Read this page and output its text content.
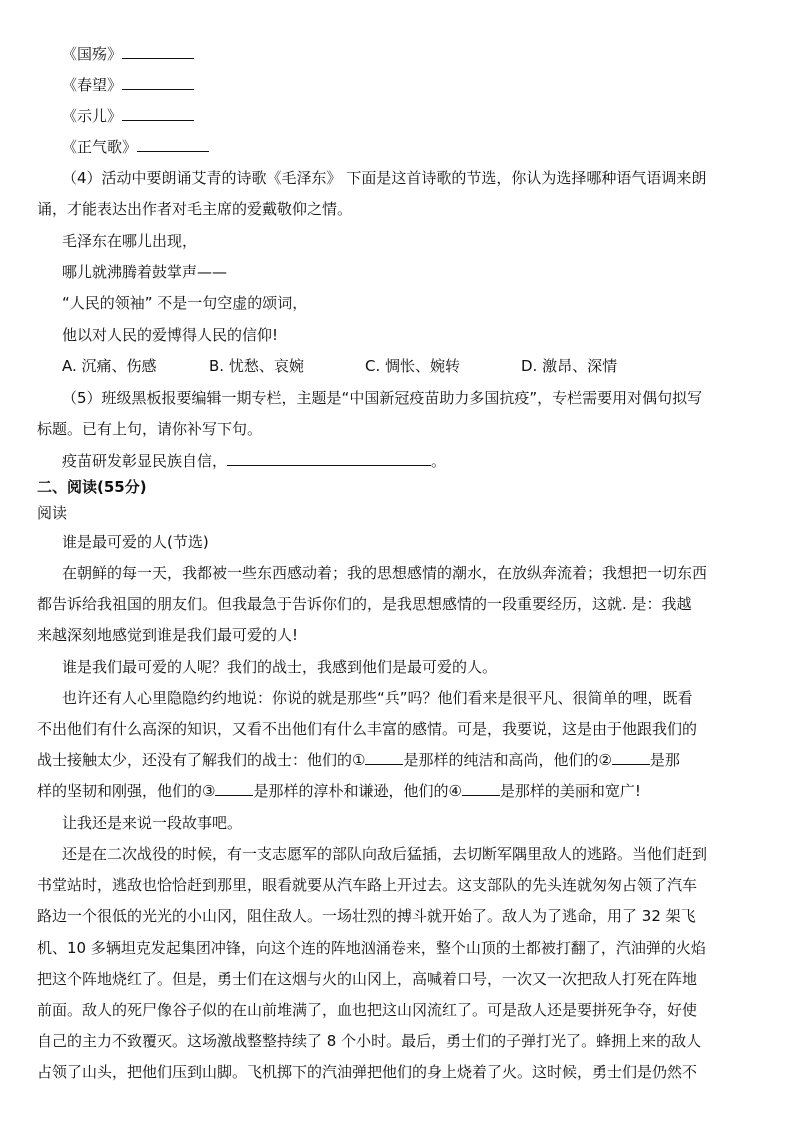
《国殇》
《春望》
《示儿》
《正气歌》
（4）活动中要朗诵艾青的诗歌《毛泽东》 下面是这首诗歌的节选，你认为选择哪种语气语调来朗
诵，才能表达出作者对毛主席的爱戴敬仰之情。
毛泽东在哪儿出现，
哪儿就沸腾着鼓掌声——
“人民的领袖” 不是一句空虚的颂词，
他以对人民的爱博得人民的信仰!
A. 沉痛、伤感	B. 忧愁、哀婉	C. 惆怅、婉转	D. 激昂、深情
（5）班级黑板报要编辑一期专栏，主题是“中国新冠疫苗助力多国抗疫”，专栏需要用对偶句拟写
标题。已有上句，请你补写下句。
疫苗研发彰显民族自信，	。
二、阅读(55分)
阅读
谁是最可爱的人(节选)
在朝鲜的每一天，我都被一些东西感动着；我的思想感情的潮水，在放纵奔流着；我想把一切东西
都告诉给我祖国的朋友们。但我最急于告诉你们的，是我思想感情的一段重要经历，这就. 是：我越
来越深刻地感觉到谁是我们最可爱的人!
谁是我们最可爱的人呢？我们的战士，我感到他们是最可爱的人。
也许还有人心里隐隐约约地说：你说的就是那些“兵”吗？他们看来是很平凡、很简单的哩，既看
不出他们有什么高深的知识，又看不出他们有什么丰富的感情。可是，我要说，这是由于他跟我们的
战士接触太少，还没有了解我们的战士：他们的①	是那样的纯洁和高尚，他们的②	是那
样的坚韧和刚强，他们的③	是那样的淳朴和谦逊，他们的④	是那样的美丽和宽广!
让我还是来说一段故事吧。
还是在二次战役的时候，有一支志愿军的部队向敌后猛插，去切断军隅里敌人的逃路。当他们赶到
书堂站时，逃敌也恰恰赶到那里，眼看就要从汽车路上开过去。这支部队的先头连就匆匆占领了汽车
路边一个很低的光光的小山冈，阻住敌人。一场壮烈的搏斗就开始了。敌人为了逃命，用了 32 架飞
机、10 多辆坦克发起集团冲锋，向这个连的阵地汹涌卷来，整个山顶的土都被打翻了，汽油弹的火焰
把这个阵地烧红了。但是，勇士们在这烟与火的山冈上，高喊着口号，一次又一次把敌人打死在阵地
前面。敌人的死尸像谷子似的在山前堆满了，血也把这山冈流红了。可是敌人还是要拼死争夺，好使
自己的主力不致覆灭。这场激战整整持续了 8 个小时。最后，勇士们的子弹打光了。蜂拥上来的敌人
占领了山头，把他们压到山脚。飞机掷下的汽油弹把他们的身上烧着了火。这时候，勇士们是仍然不
